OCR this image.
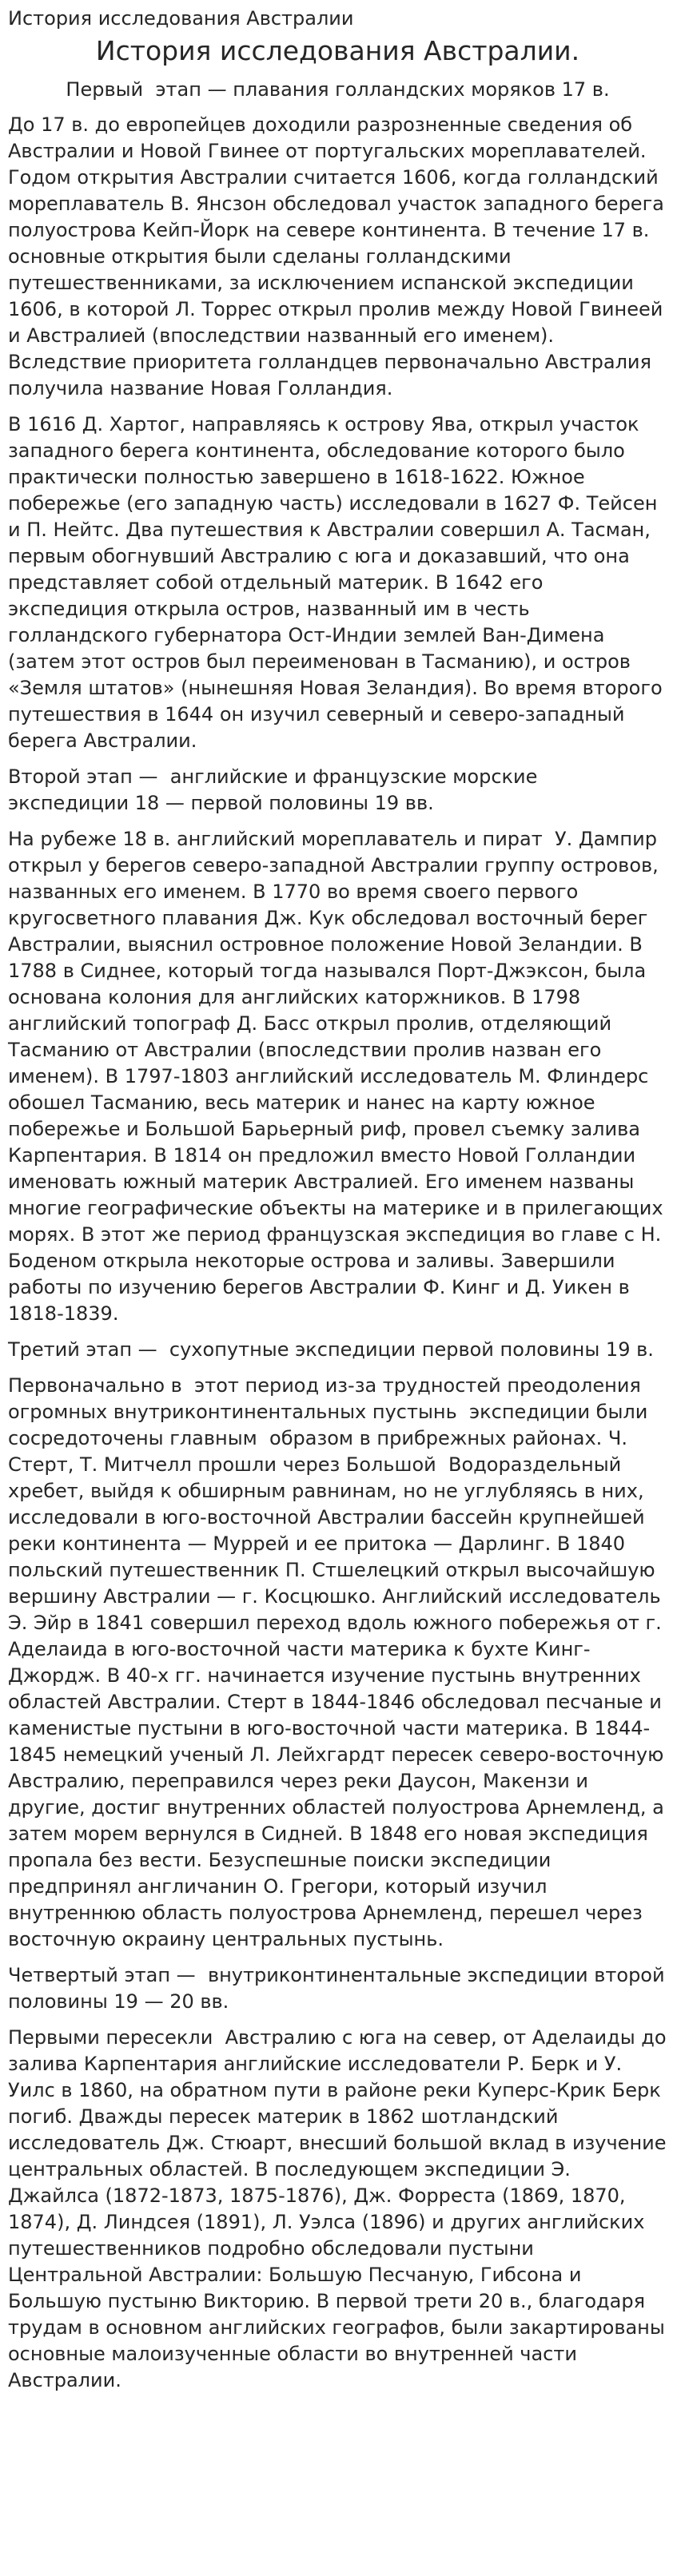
История исследования Австралии
История исследования Австралии.
Первый  этап — плавания голландских моряков 17 в.

До 17 в. до европейцев доходили разрозненные сведения об Австралии и Новой Гвинее от португальских мореплавателей. Годом открытия Австралии считается 1606, когда голландский мореплаватель В. Янсзон обследовал участок западного берега полуострова Кейп-Йорк на севере континента. В течение 17 в. основные открытия были сделаны голландскими путешественниками, за исключением испанской экспедиции 1606, в которой Л. Торрес открыл пролив между Новой Гвинеей и Австралией (впоследствии названный его именем). Вследствие приоритета голландцев первоначально Австралия получила название Новая Голландия.

В 1616 Д. Хартог, направляясь к острову Ява, открыл участок западного берега континента, обследование которого было практически полностью завершено в 1618-1622. Южное побережье (его западную часть) исследовали в 1627 Ф. Тейсен и П. Нейтс. Два путешествия к Австралии совершил А. Тасман, первым обогнувший Австралию с юга и доказавший, что она представляет собой отдельный материк. В 1642 его экспедиция открыла остров, названный им в честь голландского губернатора Ост-Индии землей Ван-Димена (затем этот остров был переименован в Тасманию), и остров «Земля штатов» (нынешняя Новая Зеландия). Во время второго путешествия в 1644 он изучил северный и северо-западный берега Австралии.

Второй этап —  английские и французские морские  экспедиции 18 — первой половины 19 вв.

На рубеже 18 в. английский мореплаватель и пират  У. Дампир открыл у берегов северо-западной Австралии группу островов, названных его именем. В 1770 во время своего первого кругосветного плавания Дж. Кук обследовал восточный берег Австралии, выяснил островное положение Новой Зеландии. В 1788 в Сиднее, который тогда назывался Порт-Джэксон, была основана колония для английских каторжников. В 1798 английский топограф Д. Басс открыл пролив, отделяющий Тасманию от Австралии (впоследствии пролив назван его именем). В 1797-1803 английский исследователь М. Флиндерс обошел Тасманию, весь материк и нанес на карту южное побережье и Большой Барьерный риф, провел съемку залива Карпентария. В 1814 он предложил вместо Новой Голландии именовать южный материк Австралией. Его именем названы многие географические объекты на материке и в прилегающих морях. В этот же период французская экспедиция во главе с Н. Боденом открыла некоторые острова и заливы. Завершили работы по изучению берегов Австралии Ф. Кинг и Д. Уикен в 1818-1839.

Третий этап —  сухопутные экспедиции первой половины 19 в.

Первоначально в  этот период из-за трудностей преодоления огромных внутриконтинентальных пустынь  экспедиции были сосредоточены главным  образом в прибрежных районах. Ч. Стерт, Т. Митчелл прошли через Большой  Водораздельный хребет, выйдя к обширным равнинам, но не углубляясь в них, исследовали в юго-восточной Австралии бассейн крупнейшей реки континента — Муррей и ее притока — Дарлинг. В 1840 польский путешественник П. Стшелецкий открыл высочайшую вершину Австралии — г. Косцюшко. Английский исследователь Э. Эйр в 1841 совершил переход вдоль южного побережья от г. Аделаида в юго-восточной части материка к бухте Кинг-Джордж. В 40-х гг. начинается изучение пустынь внутренних областей Австралии. Стерт в 1844-1846 обследовал песчаные и каменистые пустыни в юго-восточной части материка. В 1844-1845 немецкий ученый Л. Лейхгардт пересек северо-восточную Австралию, переправился через реки Даусон, Макензи и другие, достиг внутренних областей полуострова Арнемленд, а затем морем вернулся в Сидней. В 1848 его новая экспедиция пропала без вести. Безуспешные поиски экспедиции предпринял англичанин О. Грегори, который изучил внутреннюю область полуострова Арнемленд, перешел через восточную окраину центральных пустынь.

Четвертый этап —  внутриконтинентальные экспедиции второй половины 19 — 20 вв.

Первыми пересекли  Австралию с юга на север, от Аделаиды до залива Карпентария английские исследователи Р. Берк и У. Уилс в 1860, на обратном пути в районе реки Куперс-Крик Берк погиб. Дважды пересек материк в 1862 шотландский исследователь Дж. Стюарт, внесший большой вклад в изучение центральных областей. В последующем экспедиции Э. Джайлса (1872-1873, 1875-1876), Дж. Форреста (1869, 1870, 1874), Д. Линдсея (1891), Л. Уэлса (1896) и других английских путешественников подробно обследовали пустыни Центральной Австралии: Большую Песчаную, Гибсона и Большую пустыню Викторию. В первой трети 20 в., благодаря трудам в основном английских географов, были закартированы основные малоизученные области во внутренней части Австралии.
